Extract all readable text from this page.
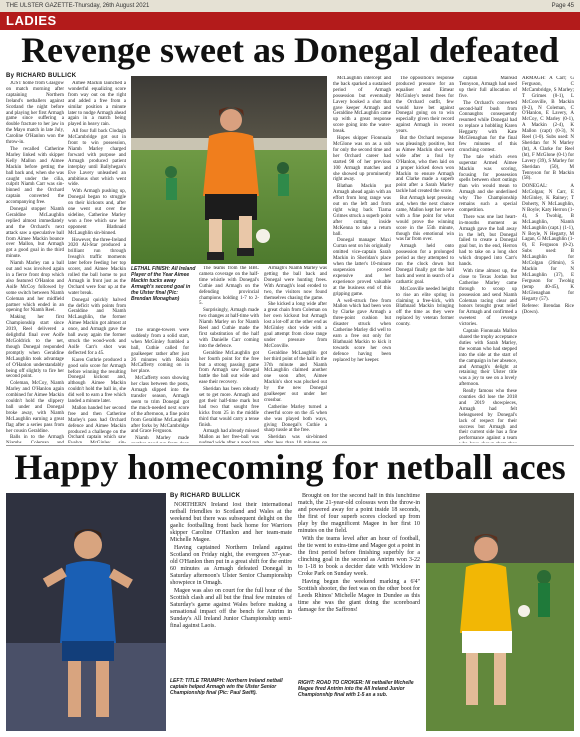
THE ULSTER GAZETTE-Thursday, 26th August 2021	Page 45
LADIES
Revenge sweet as Donegal defeated
By RICHARD BULLICK

JUST home from Glasgow on match morning after captaining Northern Ireland's netballers against Scotland the night before and playing her first Armagh game since suffering a double fracture to her jaw in the Mayo match in late July, Caroline O'Hanlon won the throw-in.

The recalled Catherine Marley linked with skipper Kelly Mallon and Aimee Mackin before getting the ball back and, when she was caught under the cilia, culprit Niamh Carr was sin-binned and the Orchard captain converted the accompanying free.

Donegal stopper Niamh Geraldine McLaughlin replied almost immediately and the Orchard's next attack saw a speculative ball from Aimee Mackin bounce over Mallon, but Armagh got a good goal in the third minute.

Niamh Marley ran a ball out and was involved again in a fierce front drop which also featured O'Hanlon and Aoife McCoy followed by some switch between Niamh Coleman and her midfield partner which ended in an opening for Niamh Reel.

Making her first Championship start since 2019, Reel delivered a delightful final over Aoife McGoldrick to the net, though Donegal responded promptly when Geraldine McLaughlin took advantage of O'Hanlon understandably being off slightly to fire her second point.

Coleman, McCoy, Niamh Marley and O'Hanlon again combined for Aimee Mackin couldn't hold the slippery ball under and Donegal broke away, with Niamh McLaughlin earning a great flag after a series pass from her cousin Geraldine.

Balls in to the Armagh

Aimee Mackin launched a wonderful equalizing score from way out on the right and added a free from a similar position a minute later to nudge Armagh ahead again in a match being played in heavy rain.

All four full back Clodagh McCambridge got out in front to win possession, Niamh Marley charged forward with purpose and Armagh produced patient interplay until Ballyhegan's Eve Lavery unleashed an ambitious shot which went wide.

With Armagh pushing up, Donegal began to struggle on their kickouts and, after one went out over the sideline, Catherine Marley won a free which saw her opponent Blathnaid McLaughlin sin-binned.

However, the three-Ireland 2020 All-Star produced a brilliant run through Iveagh's traffic moments later before feeding her top scorer, and Aimee Mackin rolled the ball home to put Armagh in front just as the Orchard were four up at the water break.

Donegal quickly halved the deficit with points from Geraldine and Niamh McLaughlin, the former Aimee Mackin got almost at once, and Armagh gave the ball away again the former struck the wood-work and Aoife Carr's shot was deflected for a 45.

Karen Guthrie produced a good solo score for Armagh before winning the resulting Donegal kickout and, although Aimee Mackin couldn't hold the ball in, she did well to earn a free which landed a minute later.

Mallon handed her second free and then Catherine Marley's pass had Orchard defence and Aimee Mackin produced a challenge on the Orchard captain which saw

LETHAL FINISH: All Ireland Player of the Year Aimee Mackin tucks away Armagh's second goal in the Ulster final (Pic: Brendan Monaghan)

The orange-towers were suddenly from a solid start, when McGinley fumbled a ball, Cuthie called for goalkeeper rather after just 26 minutes with Roisin McCafferty coming on in her place.

McCafferty soon showing her class between the posts, Armagh slipped into the transfer season, Armagh seem to trim Donegal got the much-needed next score of the afternoon, a fine point from Geraldine McLaughlin after forks by McCambridge and Grace Ferguson.

Niamh Marley made

The teams from the BBC camera coverage on the half-time whistle with Donegal's Cuthie and Armagh on the defending provincial champions holding 1-7 to 2-5.

Surprisingly, Armagh made two changes at half-time with Niamh Marley on for Niamh Reel and Cuthie made the first substitution of the half with Danielle Carr coming into the defence.

Geraldine McLaughlin got her fourth point for the free but a strong passing game from Armagh saw Donegal battle the ball out wide and ease their recovery.

Sheridan has been robustly set to get more. Armagh and got their half-time mark but had two that sought free kicks from 25 in the middle third that would carry a tense finish.

Armagh had already missed Mallon as her free-ball was

Armagh's Niamh Marley was getting the ball back and Donegal were hunting frees. With Armagh's lead eroded to two, the visitors now found themselves chasing the game.

She kicked a long wide after a great chain from Coleman on her own kickout but Armagh lost a lot-off at the other end as McGinley shot wide with a goal attempt from close range under pressure from McConville.

Geraldine McLaughlin got her third point of the half in the 37th minute and Niamh McLaughlin claimed another one soon after, Aimee Mackin's shot was plucked out by the new Donegal goalkeeper out under her crossbar.

Catherine Marley turned a cheerful score on the 45 when she was played both ways, giving Donegal's Cuthie a sharp tussle at the free.

Sheridan was sin-binned

McLaughlin intercept and the back sparked a sustained period of Armagh possession but eventually Lavery hooked a shot that gave keeper Armagh and Geraldine McLaughlin came up with a great response score going into the water-break.

Hopes skipper Fionnuala McGlone was on as a sub for only the second time and her Orchard career had started 98 of her previous 100 Armagh matches and she showed up prominently right away.

Blathan Mackin put Armagh ahead again with an effort from long range was out on the left and from right wing back Tiarna Grimes struck a superb point after cutting inside McKenna to take a return ball.

Donegal manager Maxi Curran sent on his originally omitted vice-captain Sarah Mackin in Sheridan's place when the latter's 10-minute suspension proved expensive and her experience proved valuable at the business end of this gripping game.

A well-struck free from Mallon which had been won by Clarke gave Armagh a three-point cushion but disaster struck when Catherine Marley did well to earn a free out only for Blathnaid Mackin to kick it towards score her own defence having been replaced by her keeper.

The opposition's response produced pressure for an equaliser and Eimear McGinley's tested frees for the Orchard outfit, few would have bet against Donegal going on to win especially given their record against Armagh in recent years.

But the Orchard response was pleasingly positive, but as Aimee Mackin shot went wide after a foul by O'Hanlon, who then laid on a proper kicked down won Mackin to ensure Armagh and Clarke made a superb point after a Sarah Marley tackle had created the score.

But Armagh kept pressing and, when the next chance came, Mallon kept her nerve with a fine point for what would prove the winning score in the 55th minute, though this emotional win was far from over.

Armagh held onto possession for a prolonged period as they attempted to run the clock down but Donegal finally got the ball back and went in search of a cathartic goal.

McConville needed height to rise an elite spring in claiming a free-kick, with Blathnaid Mackin bringing off the time as they were replaced by veteran former county.

captain Mairead Tennyson, Armagh had used up their full allocation of five.

The Orchard's converted second-half bush from Connaughts consequently resumed while Donegal had to replace a hobbling Karen Heggarty with Kate McGlenaghan for the final few minutes of this crunching contest.

The tale which even superstar Armed Aimee Mackin was scoring, focusing for possession spells between short outings than win would mean to Armagh and she underlined why The Championship remains such a special competition.

There was one last heart-in-mouths moment as Armagh gave the ball away in the left, but Donegal failed to create a Donegal goal but, in the end, Herron had to take on a long shot which dropped into Carr's hands.

With time almost up, the close to Texas Jordan but Catherine Marley came through to scoop up possession and send Niamh Coleman racing clear and honors brought great relief for Armagh and confirmed a sweetest of revenge victories.

Captain Fionnuala Mallon shared the trophy acceptance duties with Sarah Marley, the woman who had stepped into the side at the start of the campaign in her absence, and Armagh's delight at retaining their Ulster title was a joy to see on a lovely afternoon.

Really famous who these counties did lose the 2018 and 2019 showpieces, Armagh had felt beleaguered by Donegal's lack of respect for their success but Armagh and their current side has a fine performance against a team

ARMAGH: A Carr; G Ferguson, C McCambridge, S Marley; T Grimes (0-1), L McConville, B Mackin (0-2), N Coleman, C O'Hanlon, E Lavery, A McCoy, C Marley (0-1), A Mackin (2-4), K Mallon (capt) (0-3), N Reel (1-0). Subs used: N Sheridan for N Marley (ht), A Clarke for Reel (ht), F McGlone (0-1) for Lavery (39), S Marley for Sheridan (50), M Tennyson for B Mackin (58).

DONEGAL: A McColgan; N Carr, E McGinley, K Rainey; T Doherty, N McLaughlin, N Boyle; Katy Herron (1-4), S Twohig, B McLaughlin, Niamh McLaughlin (capt.) (1-1), N Boyle, N Hegarty, M Lagan, G McLaughlin (1-0), E Ferguson (0-2). Subs used: B McLaughlin for McColgan (26min), S Mackin for N McLaughlin (37), E Ferguson for Twohig (temp 40-45), K McGlenaghan for Hegarty (57).

Referee: Brendan Rice (Down).

Happy homecoming for netball aces
By RICHARD BULLICK

NORTHERN Ireland lost their international netball friendlies to Scotland and Wales at the weekend but there was subsequent delight on the gaelic footballing front back home for Warriors skipper Caroline O'Hanlon and her team-mate Michelle Magee.

Having captained Northern Ireland against Scotland on Friday night, the evergreen 37-year-old O'Hanlon then put in a great shift for the entire 60 minutes as Armagh defeated Donegal in Saturday afternoon's Ulster Senior Championship showpiece in Omagh.

Magee was also on court for the full hour of the Scottish clash and all but the final few minutes of Saturday's game against Wales before making a sensational impact off the bench for Antrim in Sunday's All Ireland Junior Championship semi-final against Laois.

Brought on for the second half in this lunchtime match, the 21-year-old colossus won the throw-in and powered away for a point inside 18 seconds, the first of four superb scores clocked up from play by the magnificent Magee in her first 10 minutes on the field.

With the teams level after an hour of football, the tie went to extra-time and Magee got a point in the first period before finishing superbly for a clinching goal in the second as Antrim won 3-22 to 1-18 to book a decider date with Wicklow in Croke Park on Sunday week.

Having begun the weekend marking a 6'4" Scottish shooter, the feet was on the other boot for Leeds Rhinos' Michelle Magee in Dundee as this time she was the giant doing the scoreboard damage for the Saffrons!

LEFT: TITLE TRIUMPH: Northern Ireland netball captain helped Armagh win the Ulster Senior Championship final (Pic: Paul Swift).
RIGHT: ROAD TO CROKER: NI netballer Michelle Magee fired Antrim into the All Ireland Junior Championship final with 1-5 as a sub.
